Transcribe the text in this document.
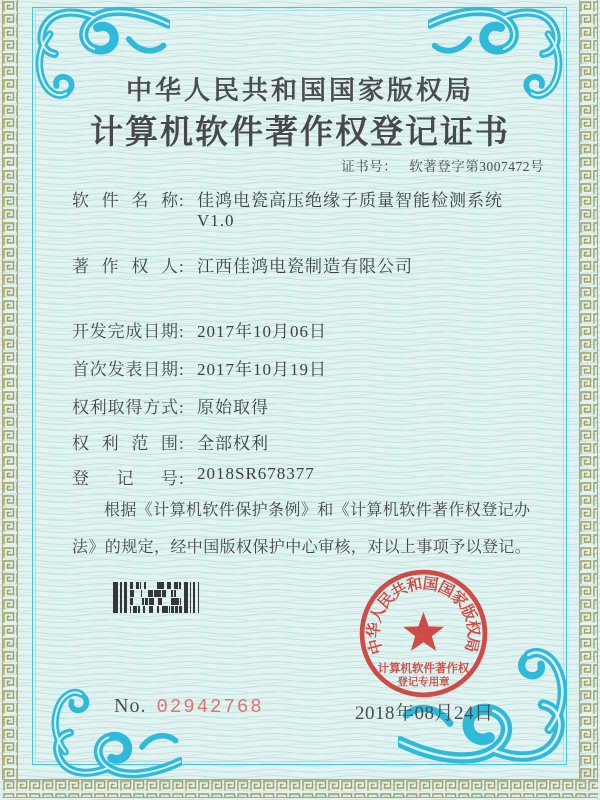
中华人民共和国国家版权局
计算机软件著作权登记证书
证书号： 软著登字第3007472号
软件名称: 佳鸿电瓷高压绝缘子质量智能检测系统
V1.0
著作权人: 江西佳鸿电瓷制造有限公司
开发完成日期: 2017年10月06日
首次发表日期: 2017年10月19日
权利取得方式: 原始取得
权利范围: 全部权利
登记号: 2018SR678377
根据《计算机软件保护条例》和《计算机软件著作权登记办法》的规定，经中国版权保护中心审核，对以上事项予以登记。
No. 02942768	2018年08月24日
中华人民共和国国家版权局
计算机软件著作权
登记专用章
